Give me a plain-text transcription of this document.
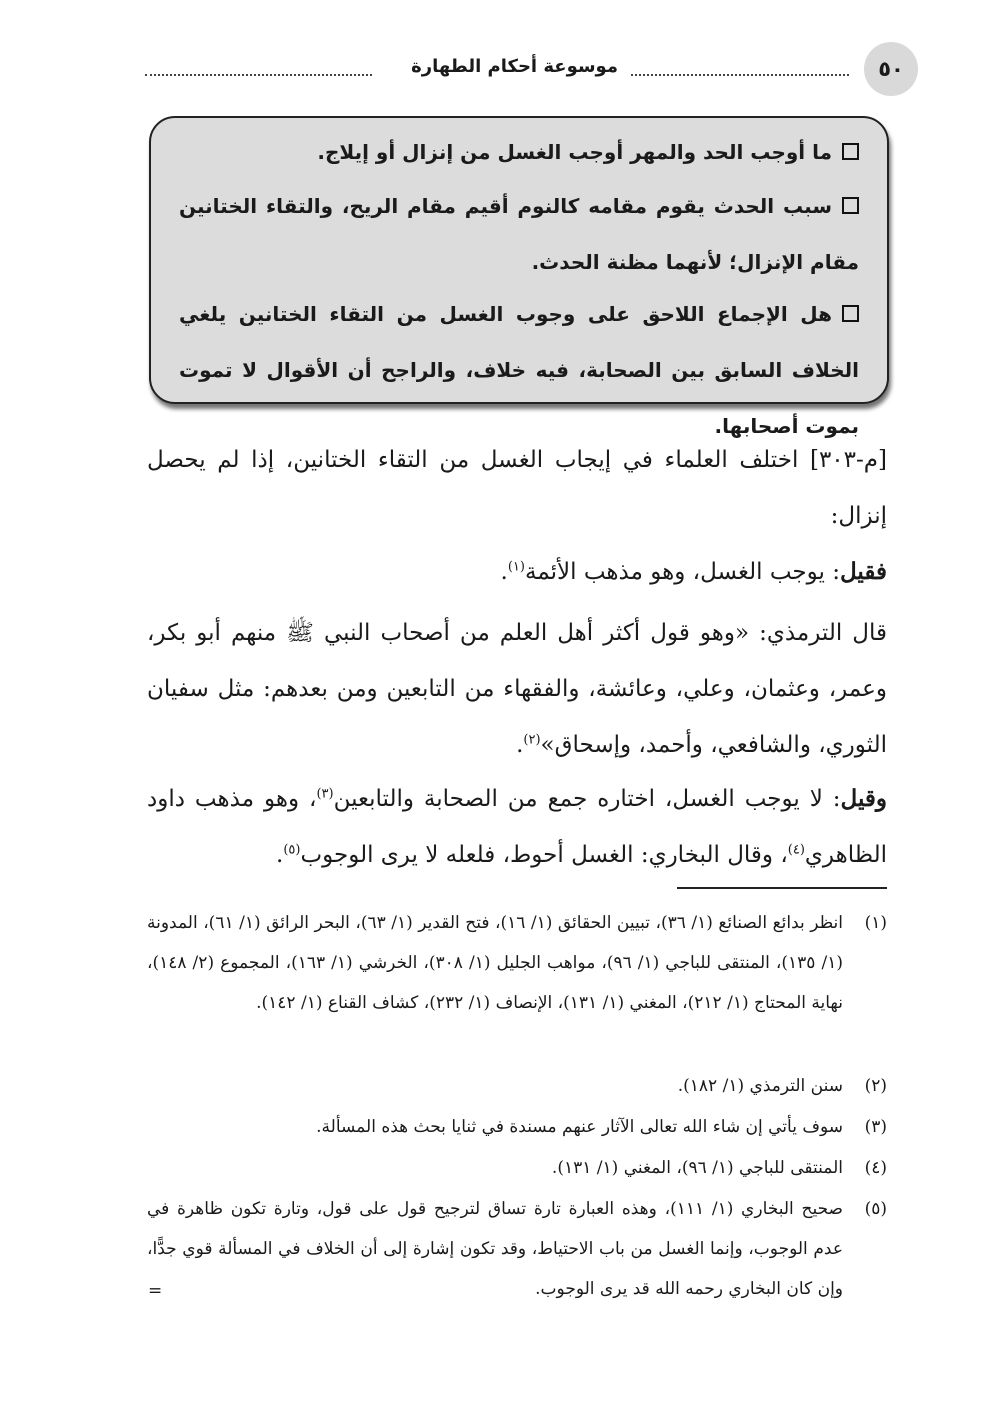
٥٠
موسوعة أحكام الطهارة
ما أوجب الحد والمهر أوجب الغسل من إنزال أو إيلاج.
سبب الحدث يقوم مقامه كالنوم أقيم مقام الريح، والتقاء الختانين مقام الإنزال؛ لأنهما مظنة الحدث.
هل الإجماع اللاحق على وجوب الغسل من التقاء الختانين يلغي الخلاف السابق بين الصحابة، فيه خلاف، والراجح أن الأقوال لا تموت بموت أصحابها.
[م-٣٠٣] اختلف العلماء في إيجاب الغسل من التقاء الختانين، إذا لم يحصل إنزال:
فقيل: يوجب الغسل، وهو مذهب الأئمة$^{(١)}$.
قال الترمذي: «وهو قول أكثر أهل العلم من أصحاب النبي ﷺ منهم أبو بكر، وعمر، وعثمان، وعلي، وعائشة، والفقهاء من التابعين ومن بعدهم: مثل سفيان الثوري، والشافعي، وأحمد، وإسحاق»$^{(٢)}$.
وقيل: لا يوجب الغسل، اختاره جمع من الصحابة والتابعين$^{(٣)}$، وهو مذهب داود الظاهري$^{(٤)}$، وقال البخاري: الغسل أحوط، فلعله لا يرى الوجوب$^{(٥)}$.
(١)
انظر بدائع الصنائع (١/ ٣٦)، تبيين الحقائق (١/ ١٦)، فتح القدير (١/ ٦٣)، البحر الرائق (١/ ٦١)، المدونة (١/ ١٣٥)، المنتقى للباجي (١/ ٩٦)، مواهب الجليل (١/ ٣٠٨)، الخرشي (١/ ١٦٣)، المجموع (٢/ ١٤٨)، نهاية المحتاج (١/ ٢١٢)، المغني (١/ ١٣١)، الإنصاف (١/ ٢٣٢)، كشاف القناع (١/ ١٤٢).
(٢)
سنن الترمذي (١/ ١٨٢).
(٣)
سوف يأتي إن شاء الله تعالى الآثار عنهم مسندة في ثنايا بحث هذه المسألة.
(٤)
المنتقى للباجي (١/ ٩٦)، المغني (١/ ١٣١).
(٥)
صحيح البخاري (١/ ١١١)، وهذه العبارة تارة تساق لترجيح قول على قول، وتارة تكون ظاهرة في عدم الوجوب، وإنما الغسل من باب الاحتياط، وقد تكون إشارة إلى أن الخلاف في المسألة قوي جدًّا، وإن كان البخاري رحمه الله قد يرى الوجوب.
=
